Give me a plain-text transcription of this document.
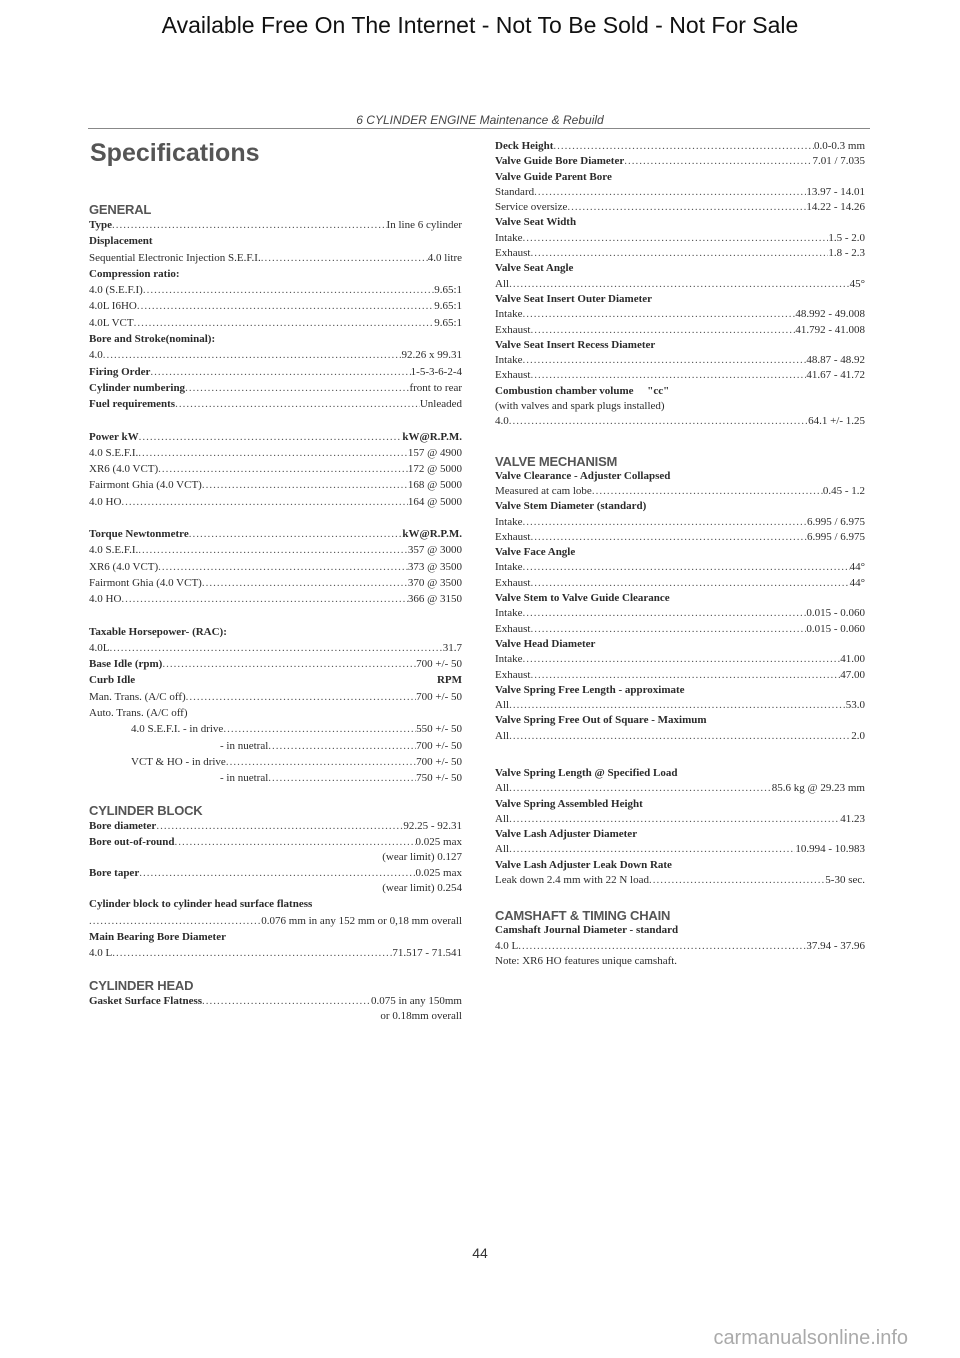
Available Free On The Internet - Not To Be Sold - Not For Sale
6 CYLINDER ENGINE Maintenance & Rebuild
Specifications
GENERAL
Type .....	In line 6 cylinder
Displacement
Sequential Electronic Injection S.E.F.I. .....	4.0 litre
Compression ratio:
4.0 (S.E.F.I) .....	9.65:1
4.0L I6HO .....	9.65:1
4.0L VCT .....	9.65:1
Bore and Stroke(nominal):
4.0 .....	92.26 x 99.31
Firing Order .....	1-5-3-6-2-4
Cylinder numbering .....	front to rear
Fuel requirements .....	Unleaded
Power kW .....	kW@R.P.M.
4.0 S.E.F.I. .....	157 @ 4900
XR6 (4.0 VCT) .....	172 @ 5000
Fairmont Ghia (4.0 VCT) .....	168 @ 5000
4.0 HO .....	164 @ 5000
Torque Newtonmetre .....	kW@R.P.M.
4.0 S.E.F.I. .....	357 @ 3000
XR6 (4.0 VCT) .....	373 @ 3500
Fairmont Ghia (4.0 VCT) .....	370 @ 3500
4.0 HO .....	366 @ 3150
Taxable Horsepower- (RAC):
4.0L .....	31.7
Base Idle (rpm) .....	700 +/- 50
Curb Idle	RPM
Man. Trans. (A/C off) .....	700 +/- 50
Auto. Trans. (A/C off)
4.0 S.E.F.I. - in drive .....	550 +/- 50
- in nuetral .....	700 +/- 50
VCT & HO - in drive .....	700 +/- 50
- in nuetral .....	750 +/- 50
CYLINDER BLOCK
Bore diameter .....	92.25 - 92.31
Bore out-of-round .....	0.025 max
(wear limit) 0.127
Bore taper .....	0.025 max
(wear limit) 0.254
Cylinder block to cylinder head surface flatness
.....
0.076 mm in any 152 mm or 0,18 mm overall
Main Bearing Bore Diameter
4.0 L .....	71.517 - 71.541
CYLINDER HEAD
Gasket Surface Flatness .....	0.075 in any 150mm
or 0.18mm overall
Deck Height .....	0.0-0.3 mm
Valve Guide Bore Diameter .....	7.01 / 7.035
Valve Guide Parent Bore
Standard .....	13.97 - 14.01
Service oversize .....	14.22 - 14.26
Valve Seat Width
Intake .....	1.5 - 2.0
Exhaust .....	1.8 - 2.3
Valve Seat Angle
All .....	45°
Valve Seat Insert Outer Diameter
Intake .....	48.992 - 49.008
Exhaust .....	41.792 - 41.008
Valve Seat Insert Recess Diameter
Intake .....	48.87 - 48.92
Exhaust .....	41.67 - 41.72
Combustion chamber volume "cc"
(with valves and spark plugs installed)
4.0 .....	64.1 +/- 1.25
VALVE MECHANISM
Valve Clearance - Adjuster Collapsed
Measured at cam lobe .....	0.45 - 1.2
Valve Stem Diameter (standard)
Intake .....	6.995 / 6.975
Exhaust .....	6.995 / 6.975
Valve Face Angle
Intake .....	44°
Exhaust .....	44°
Valve Stem to Valve Guide Clearance
Intake .....	0.015 - 0.060
Exhaust .....	0.015 - 0.060
Valve Head Diameter
Intake .....	41.00
Exhaust .....	47.00
Valve Spring Free Length - approximate
All .....	53.0
Valve Spring Free Out of Square - Maximum
All .....	2.0
Valve Spring Length @ Specified Load
All .....	85.6 kg @ 29.23 mm
Valve Spring Assembled Height
All .....	41.23
Valve Lash Adjuster Diameter
All .....	10.994 - 10.983
Valve Lash Adjuster Leak Down Rate
Leak down 2.4 mm with 22 N load .....	5-30 sec.
CAMSHAFT & TIMING CHAIN
Camshaft Journal Diameter - standard
4.0 L .....	37.94 - 37.96
Note: XR6 HO features unique camshaft.
44
carmanualsonline.info
